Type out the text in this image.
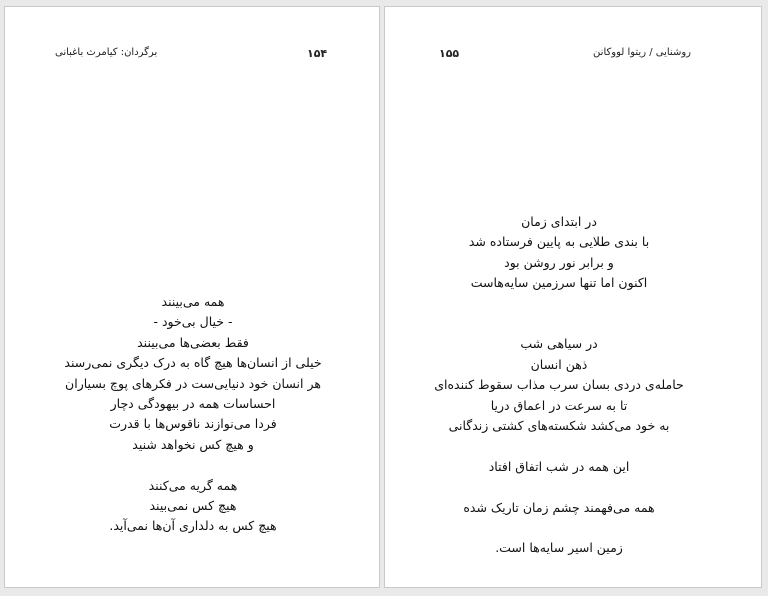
برگردان: کیامرث باغبانی	۱۵۴
همه می‌بینند
- خیال بی‌خود -
فقط بعضی‌ها می‌بینند
خیلی از انسان‌ها هیچ گاه به درک دیگری نمی‌رسند
هر انسان خود دنیایی‌ست در فکرهای پوچ بسیاران
احساسات همه در بیهودگی دچار
فردا می‌نوازند ناقوس‌ها با قدرت
و هیچ کس نخواهد شنید
همه گریه می‌کنند
هیچ کس نمی‌بیند
هیچ کس به دلداری آن‌ها نمی‌آید.
۱۵۵	روشنایی / ریتوا لووکانن
در ابتدای زمان
با بندی طلایی به پایین فرستاده شد
و برابر نور روشن بود
اکنون اما تنها سرزمین سایه‌هاست
در سیاهی شب
ذهن انسان
حامله‌ی دردی بسان سرب مذاب سقوط کننده‌ای
تا به سرعت در اعماق دریا
به خود می‌کشد شکسته‌های کشتی زندگانی
این همه در شب اتفاق افتاد
همه می‌فهمند چشم زمان تاریک شده
زمین اسیر سایه‌ها است.
